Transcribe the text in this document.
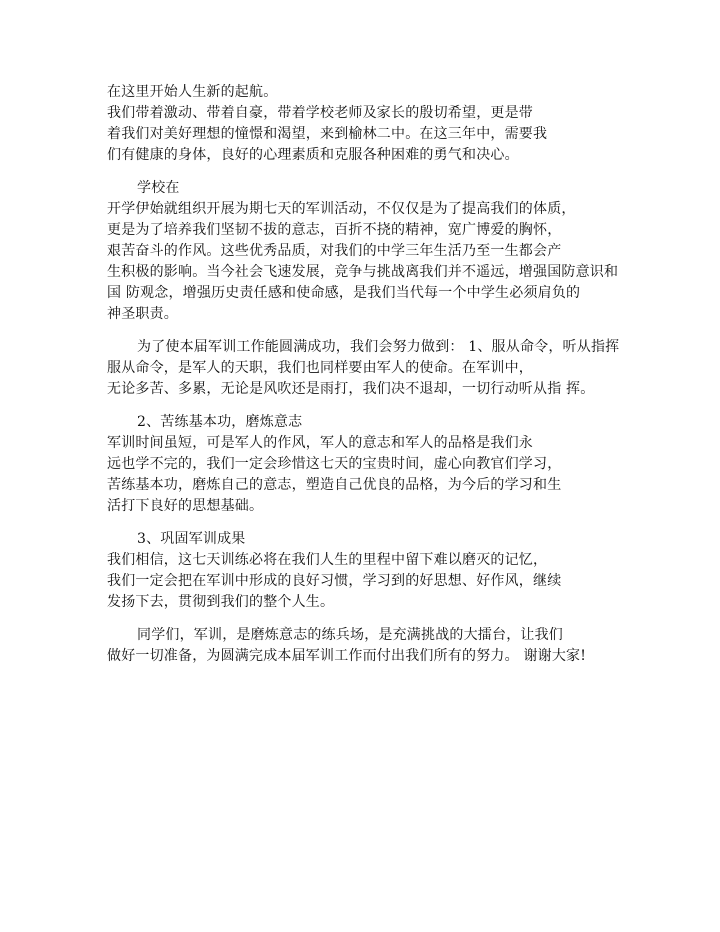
在这里开始人生新的起航。
我们带着激动、带着自豪，带着学校老师及家长的殷切希望，更是带
着我们对美好理想的憧憬和渴望，来到榆林二中。在这三年中，需要我
们有健康的身体，良好的心理素质和克服各种困难的勇气和决心。
学校在
开学伊始就组织开展为期七天的军训活动，不仅仅是为了提高我们的体质，
更是为了培养我们坚韧不拔的意志，百折不挠的精神，宽广博爱的胸怀，
艰苦奋斗的作风。这些优秀品质，对我们的中学三年生活乃至一生都会产
生积极的影响。当今社会飞速发展，竞争与挑战离我们并不遥远，增强国防意识和
国 防观念，增强历史责任感和使命感，是我们当代每一个中学生必须肩负的
神圣职责。
为了使本届军训工作能圆满成功，我们会努力做到： 1、服从命令，听从指挥
服从命令，是军人的天职，我们也同样要由军人的使命。在军训中，
无论多苦、多累，无论是风吹还是雨打，我们决不退却，一切行动听从指 挥。
2、苦练基本功，磨炼意志
军训时间虽短，可是军人的作风，军人的意志和军人的品格是我们永
远也学不完的，我们一定会珍惜这七天的宝贵时间，虚心向教官们学习，
苦练基本功，磨炼自己的意志，塑造自己优良的品格，为今后的学习和生
活打下良好的思想基础。
3、巩固军训成果
我们相信，这七天训练必将在我们人生的里程中留下难以磨灭的记忆，
我们一定会把在军训中形成的良好习惯，学习到的好思想、好作风，继续
发扬下去，贯彻到我们的整个人生。
同学们，军训，是磨炼意志的练兵场，是充满挑战的大擂台，让我们
做好一切准备，为圆满完成本届军训工作而付出我们所有的努力。 谢谢大家!
